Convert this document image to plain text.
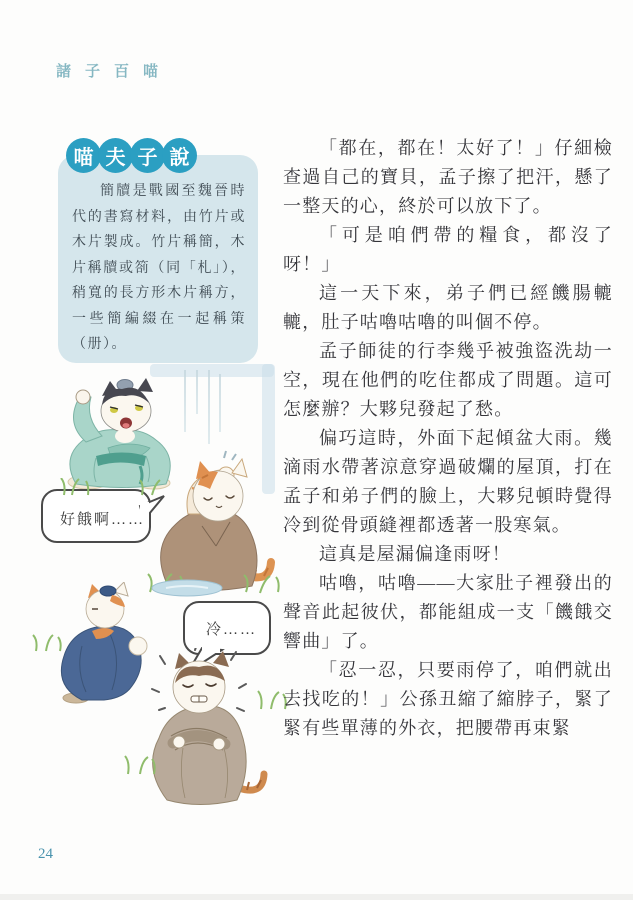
諸子百喵
簡牘是戰國至魏晉時代的書寫材料，由竹片或木片製成。竹片稱簡，木片稱牘或箚（同「札」），稍寬的長方形木片稱方，一些簡編綴在一起稱策（册）。
喵 夫 子 說
好餓啊……
冷……

「都在，都在！太好了！」仔細檢查過自己的寶貝，孟子擦了把汗，懸了一整天的心，終於可以放下了。

「可是咱們帶的糧食，都沒了呀！」

這一天下來，弟子們已經饑腸轆轆，肚子咕嚕咕嚕的叫個不停。

孟子師徒的行李幾乎被強盜洗劫一空，現在他們的吃住都成了問題。這可怎麼辦？大夥兒發起了愁。

偏巧這時，外面下起傾盆大雨。幾滴雨水帶著涼意穿過破爛的屋頂，打在孟子和弟子們的臉上，大夥兒頓時覺得冷到從骨頭縫裡都透著一股寒氣。

這真是屋漏偏逢雨呀！

咕嚕，咕嚕——大家肚子裡發出的聲音此起彼伏，都能組成一支「饑餓交響曲」了。

「忍一忍，只要雨停了，咱們就出去找吃的！」公孫丑縮了縮脖子，緊了緊有些單薄的外衣，把腰帶再束緊

24
